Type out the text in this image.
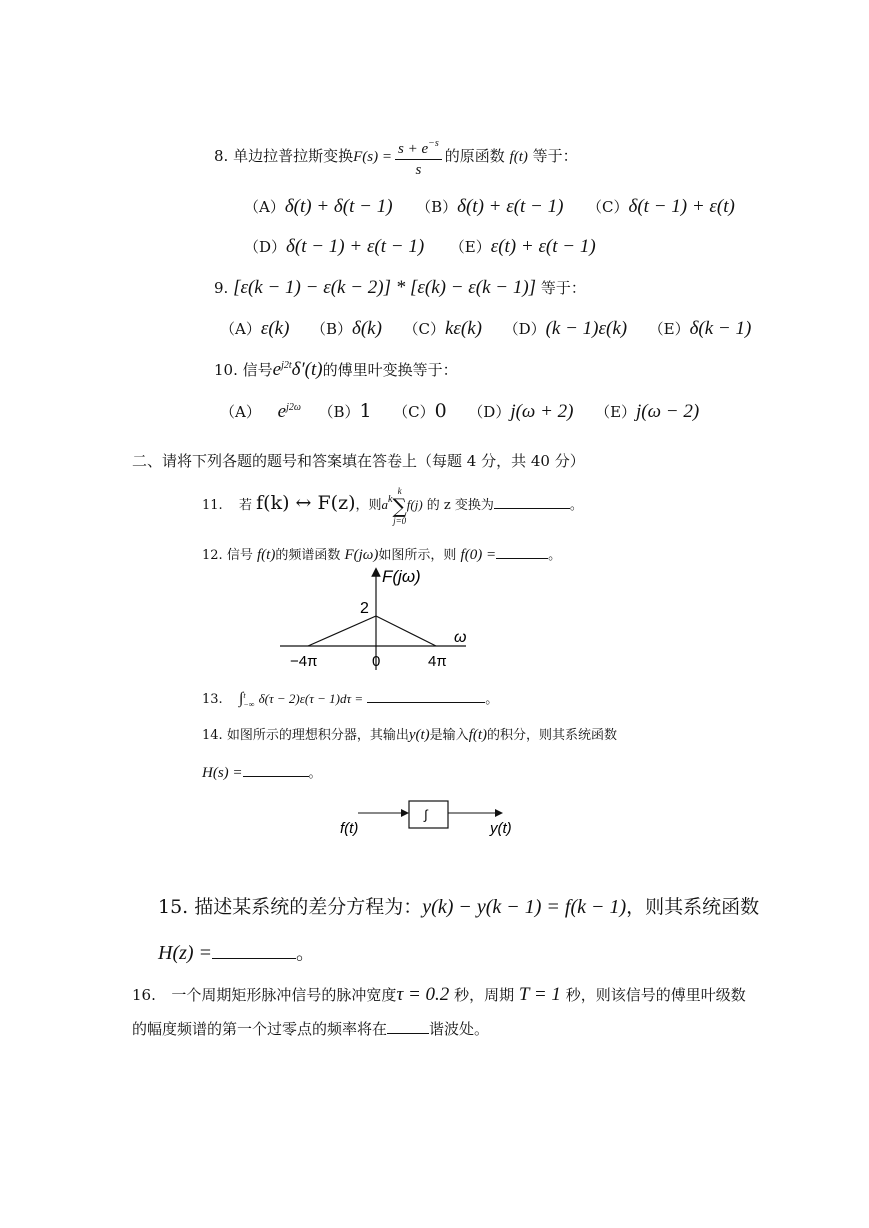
8. 单边拉普拉斯变换$F(s) = \frac{s + e^{-s}}{s}$ 的原函数 f(t) 等于：
（A）δ(t) + δ(t − 1) （B）δ(t) + ε(t − 1) （C）δ(t − 1) + ε(t)
（D）δ(t − 1) + ε(t − 1) （E）ε(t) + ε(t − 1)
9. [ε(k − 1) − ε(k − 2)] * [ε(k) − ε(k − 1)] 等于：
（A）ε(k) （B）δ(k) （C）kε(k) （D）(k − 1)ε(k) （E）δ(k − 1)
10. 信号$e^{j2t}\delta'(t)$的傅里叶变换等于：
（A） $e^{j2\omega}$ （B）1 （C）0 （D）j(ω + 2) （E）j(ω − 2)
二、请将下列各题的题号和答案填在答卷上（每题 4 分，共 40 分）
11. 若 f(k) ↔ F(z)，则$a^k$
k
∑
j=0
f(j) 的 z 变换为	。
12. 信号 f(t)的频谱函数 F(jω)如图所示，则 f(0) =	。
F(jω)
ω
2
−4π	0	4π
13. ∫ t
−∞ δ(τ − 2)ε(τ − 1)dτ =	。
14. 如图所示的理想积分器，其输出y(t)是输入f(t)的积分，则其系统函数
H(s) =	。
∫
f(t)	y(t)
15. 描述某系统的差分方程为：y(k) − y(k − 1) = f(k − 1)，则其系统函数
H(z) =	。
16. 一个周期矩形脉冲信号的脉冲宽度τ = 0.2 秒，周期 T = 1 秒，则该信号的傅里叶级数
的幅度频谱的第一个过零点的频率将在	谐波处。
